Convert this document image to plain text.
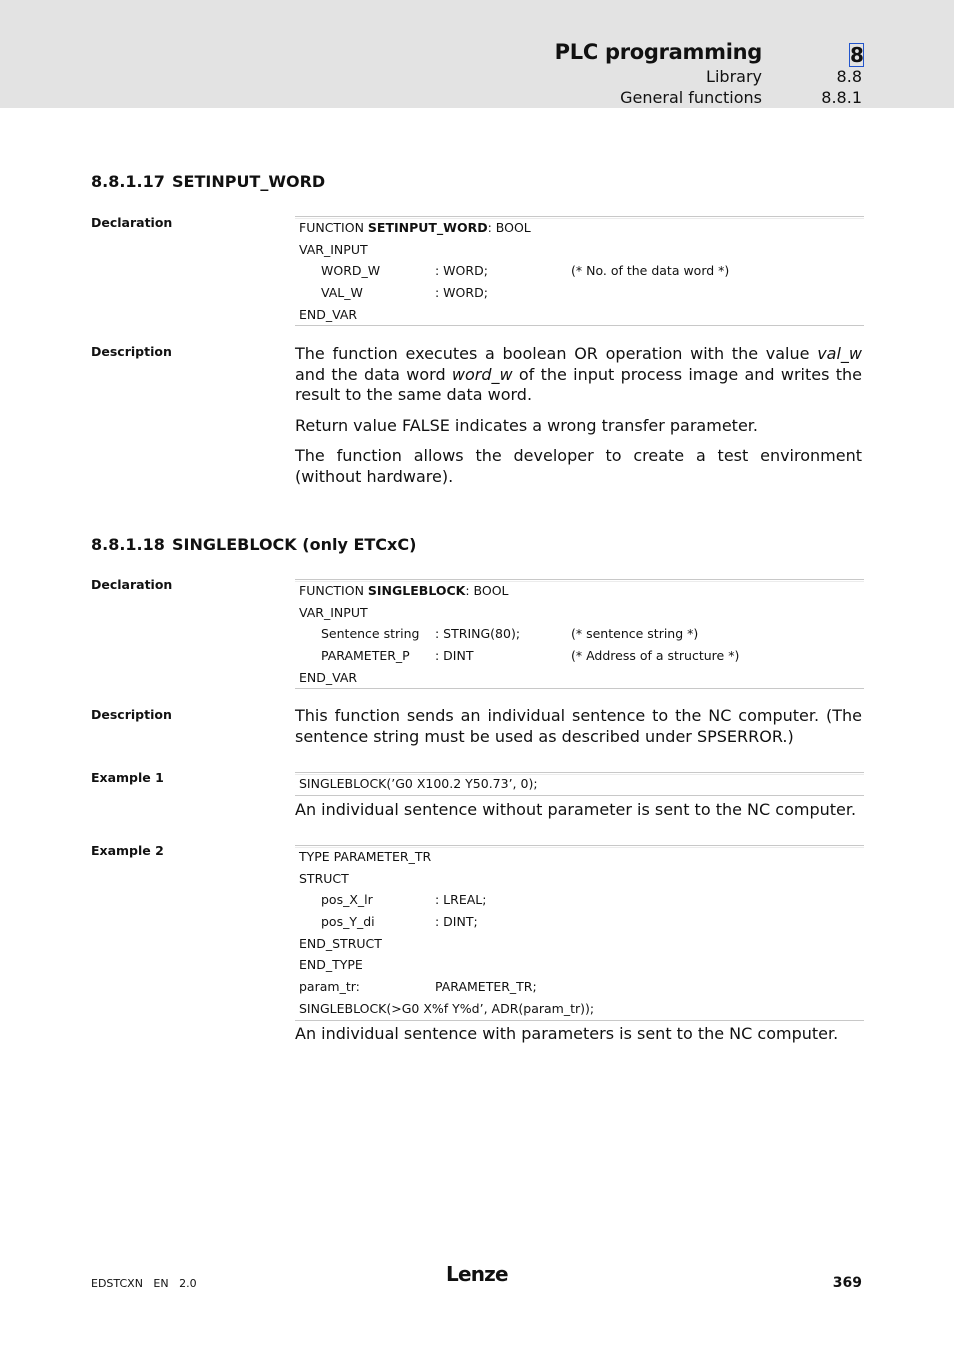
PLC programming	8
Library	8.8
General functions	8.8.1
8.8.1.17 SETINPUT_WORD
Declaration	FUNCTION SETINPUT_WORD: BOOL
VAR_INPUT
WORD_W	: WORD;	(* No. of the data word *)
VAL_W	: WORD;
END_VAR
Description	The function executes a boolean OR operation with the value val_w and the data word word_w of the input process image and writes the result to the same data word.

Return value FALSE indicates a wrong transfer parameter.

The function allows the developer to create a test environment (without hardware).

8.8.1.18 SINGLEBLOCK (only ETCxC)
Declaration	FUNCTION SINGLEBLOCK: BOOL
VAR_INPUT
Sentence string : STRING(80);	(* sentence string *)
PARAMETER_P : DINT	(* Address of a structure *)
END_VAR
Description	This function sends an individual sentence to the NC computer. (The sentence string must be used as described under SPSERROR.)

Example 1	SINGLEBLOCK(’G0 X100.2 Y50.73’, 0);

An individual sentence without parameter is sent to the NC computer.

Example 2	TYPE PARAMETER_TR
STRUCT
pos_X_lr	: LREAL;
pos_Y_di	: DINT;
END_STRUCT
END_TYPE
param_tr:	PARAMETER_TR;
SINGLEBLOCK(>G0 X%f Y%d’, ADR(param_tr));

An individual sentence with parameters is sent to the NC computer.

EDSTCXN   EN   2.0	Lenze	369
